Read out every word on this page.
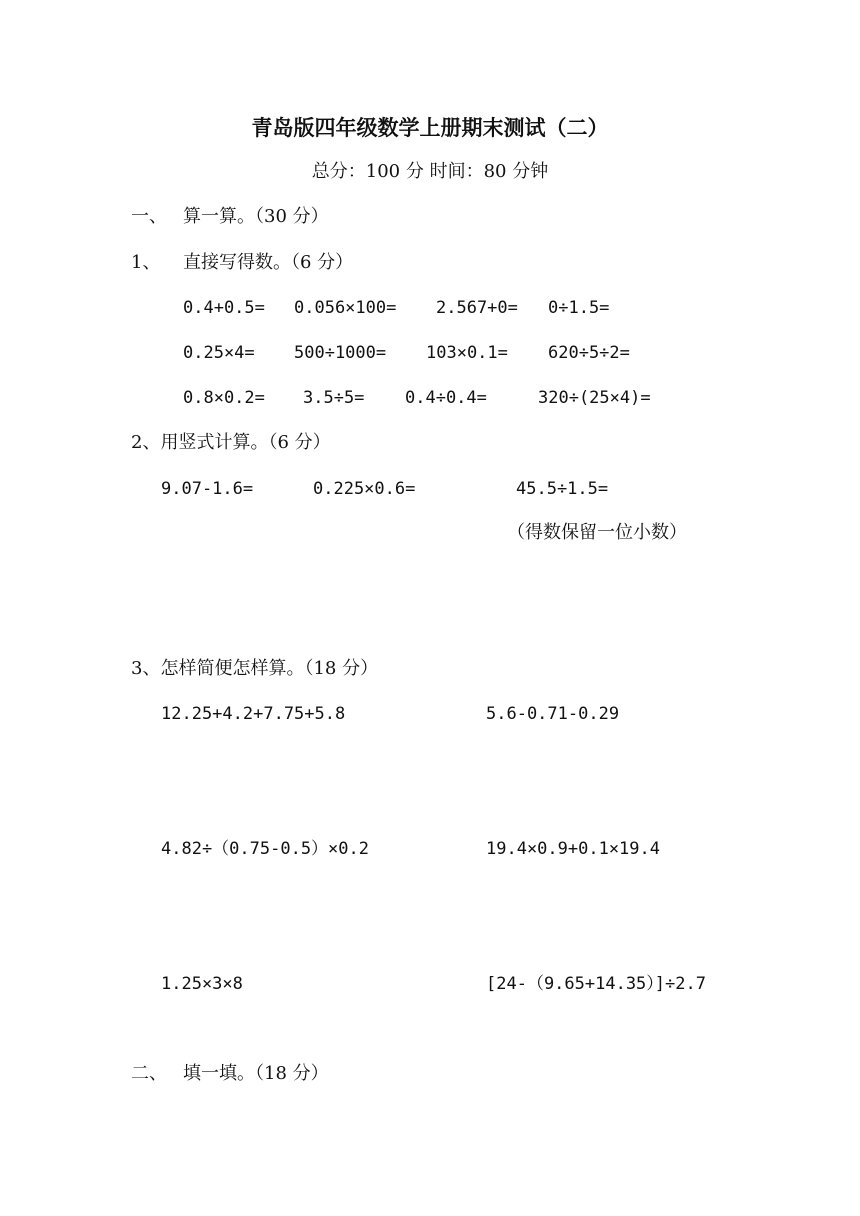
青岛版四年级数学上册期末测试（二）
总分：100 分 时间：80 分钟
一、 算一算。（30 分）
1、 直接写得数。（6 分）
0.4+0.5= 0.056×100= 2.567+0= 0÷1.5=
0.25×4= 500÷1000= 103×0.1= 620÷5÷2=
0.8×0.2= 3.5÷5= 0.4÷0.4=	320÷(25×4)=
2、用竖式计算。（6 分）
9.07-1.6=	0.225×0.6=	45.5÷1.5=
（得数保留一位小数）
3、怎样简便怎样算。（18 分）
12.25+4.2+7.75+5.8	5.6-0.71-0.29
4.82÷（0.75-0.5）×0.2	19.4×0.9+0.1×19.4
1.25×3×8	[24-（9.65+14.35）]÷2.7
二、 填一填。（18 分）
